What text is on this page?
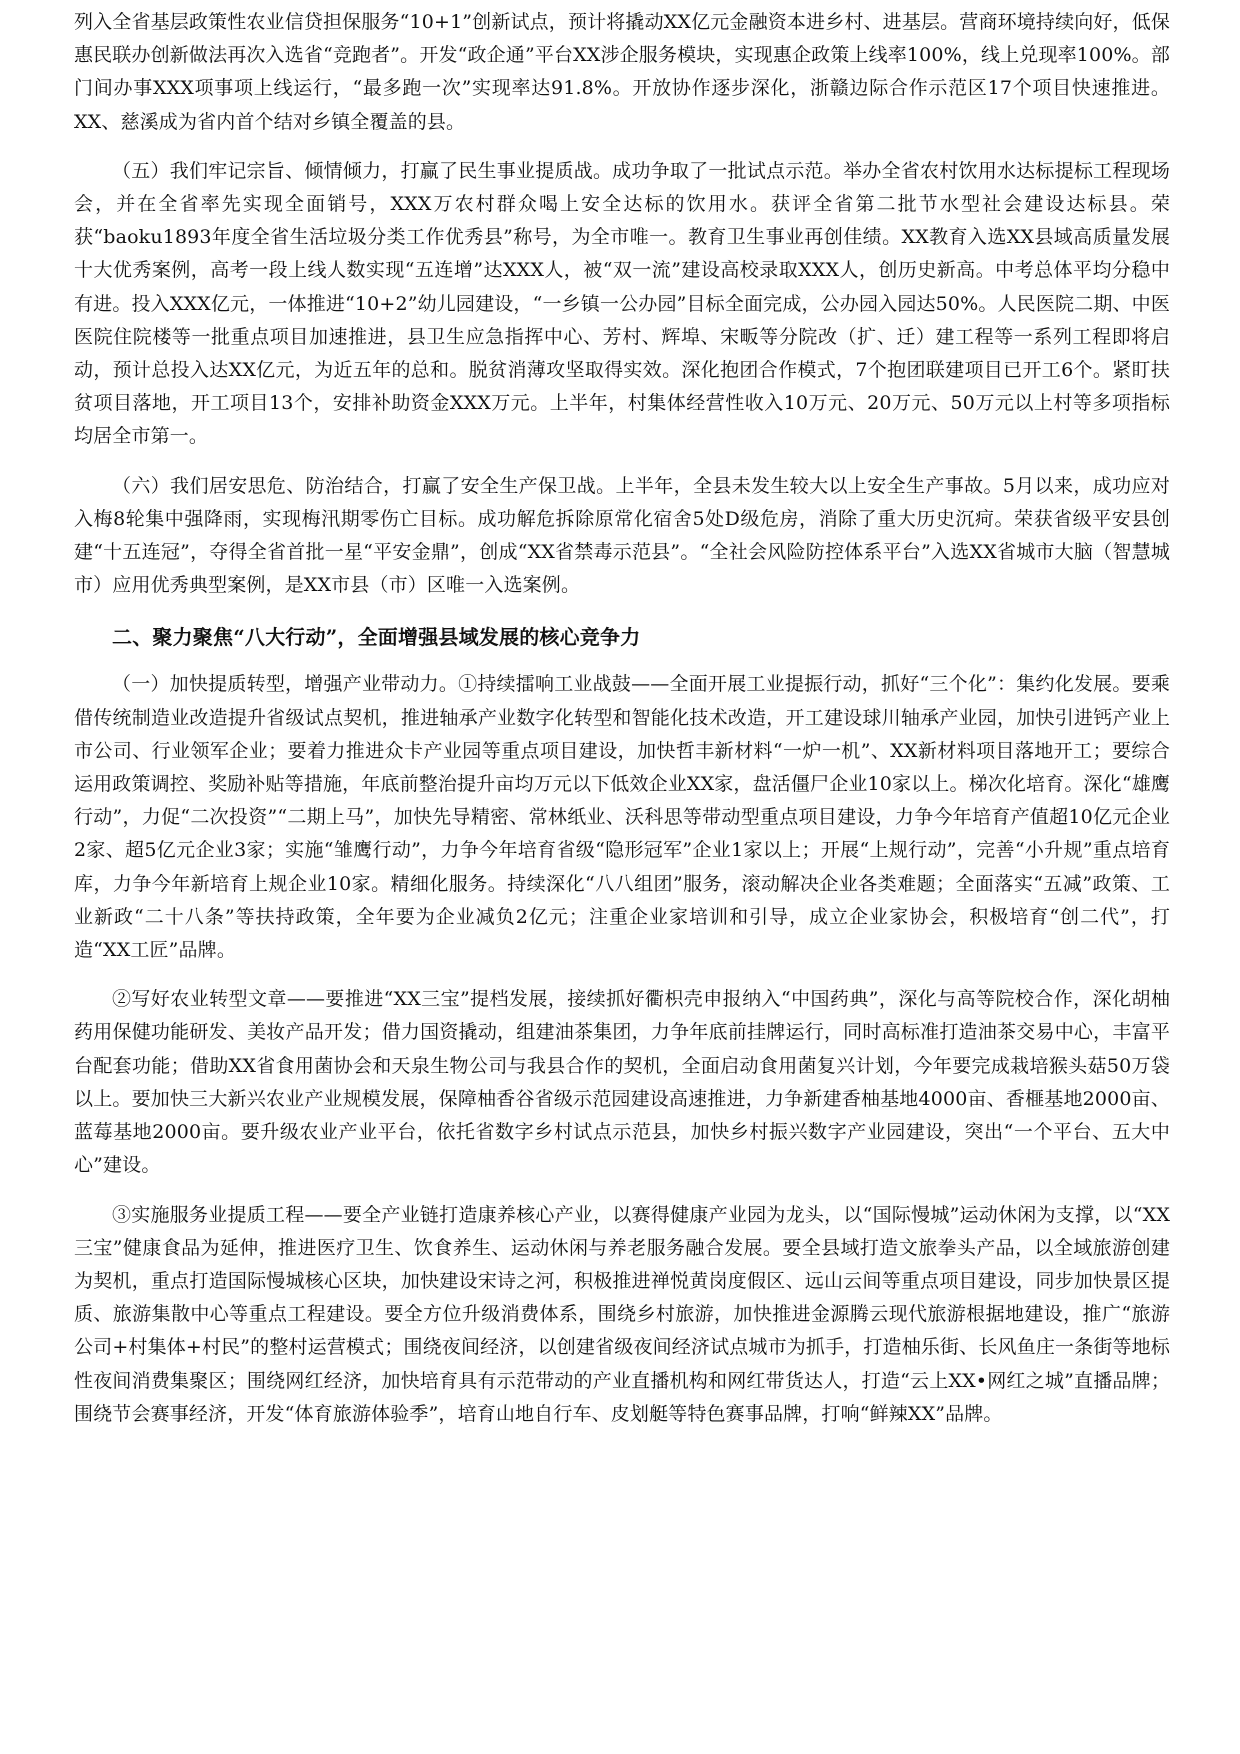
列入全省基层政策性农业信贷担保服务“10+1”创新试点，预计将撬动XX亿元金融资本进乡村、进基层。营商环境持续向好，低保惠民联办创新做法再次入选省“竞跑者”。开发“政企通”平台XX涉企服务模块，实现惠企政策上线率100%，线上兑现率100%。部门间办事XXX项事项上线运行，“最多跑一次”实现率达91.8%。开放协作逐步深化，浙赣边际合作示范区17个项目快速推进。XX、慈溪成为省内首个结对乡镇全覆盖的县。

（五）我们牢记宗旨、倾情倾力，打赢了民生事业提质战。成功争取了一批试点示范。举办全省农村饮用水达标提标工程现场会，并在全省率先实现全面销号，XXX万农村群众喝上安全达标的饮用水。获评全省第二批节水型社会建设达标县。荣获“baoku1893年度全省生活垃圾分类工作优秀县”称号，为全市唯一。教育卫生事业再创佳绩。XX教育入选XX县域高质量发展十大优秀案例，高考一段上线人数实现“五连增”达XXX人，被“双一流”建设高校录取XXX人，创历史新高。中考总体平均分稳中有进。投入XXX亿元，一体推进“10+2”幼儿园建设，“一乡镇一公办园”目标全面完成，公办园入园达50%。人民医院二期、中医医院住院楼等一批重点项目加速推进，县卫生应急指挥中心、芳村、辉埠、宋畈等分院改（扩、迁）建工程等一系列工程即将启动，预计总投入达XX亿元，为近五年的总和。脱贫消薄攻坚取得实效。深化抱团合作模式，7个抱团联建项目已开工6个。紧盯扶贫项目落地，开工项目13个，安排补助资金XXX万元。上半年，村集体经营性收入10万元、20万元、50万元以上村等多项指标均居全市第一。

（六）我们居安思危、防治结合，打赢了安全生产保卫战。上半年，全县未发生较大以上安全生产事故。5月以来，成功应对入梅8轮集中强降雨，实现梅汛期零伤亡目标。成功解危拆除原常化宿舍5处D级危房，消除了重大历史沉疴。荣获省级平安县创建“十五连冠”，夺得全省首批一星“平安金鼎”，创成“XX省禁毒示范县”。“全社会风险防控体系平台”入选XX省城市大脑（智慧城市）应用优秀典型案例，是XX市县（市）区唯一入选案例。

二、聚力聚焦“八大行动”，全面增强县域发展的核心竞争力

（一）加快提质转型，增强产业带动力。①持续擂响工业战鼓——全面开展工业提振行动，抓好“三个化”：集约化发展。要乘借传统制造业改造提升省级试点契机，推进轴承产业数字化转型和智能化技术改造，开工建设球川轴承产业园，加快引进钙产业上市公司、行业领军企业；要着力推进众卡产业园等重点项目建设，加快哲丰新材料“一炉一机”、XX新材料项目落地开工；要综合运用政策调控、奖励补贴等措施，年底前整治提升亩均万元以下低效企业XX家，盘活僵尸企业10家以上。梯次化培育。深化“雄鹰行动”，力促“二次投资”“二期上马”，加快先导精密、常林纸业、沃科思等带动型重点项目建设，力争今年培育产值超10亿元企业2家、超5亿元企业3家；实施“雏鹰行动”，力争今年培育省级“隐形冠军”企业1家以上；开展“上规行动”，完善“小升规”重点培育库，力争今年新培育上规企业10家。精细化服务。持续深化“八八组团”服务，滚动解决企业各类难题；全面落实“五减”政策、工业新政“二十八条”等扶持政策，全年要为企业减负2亿元；注重企业家培训和引导，成立企业家协会，积极培育“创二代”，打造“XX工匠”品牌。

②写好农业转型文章——要推进“XX三宝”提档发展，接续抓好衢枳壳申报纳入“中国药典”，深化与高等院校合作，深化胡柚药用保健功能研发、美妆产品开发；借力国资撬动，组建油茶集团，力争年底前挂牌运行，同时高标准打造油茶交易中心，丰富平台配套功能；借助XX省食用菌协会和天泉生物公司与我县合作的契机，全面启动食用菌复兴计划，今年要完成栽培猴头菇50万袋以上。要加快三大新兴农业产业规模发展，保障柚香谷省级示范园建设高速推进，力争新建香柚基地4000亩、香榧基地2000亩、蓝莓基地2000亩。要升级农业产业平台，依托省数字乡村试点示范县，加快乡村振兴数字产业园建设，突出“一个平台、五大中心”建设。

③实施服务业提质工程——要全产业链打造康养核心产业，以赛得健康产业园为龙头，以“国际慢城”运动休闲为支撑，以“XX三宝”健康食品为延伸，推进医疗卫生、饮食养生、运动休闲与养老服务融合发展。要全县域打造文旅拳头产品，以全域旅游创建为契机，重点打造国际慢城核心区块，加快建设宋诗之河，积极推进禅悦黄岗度假区、远山云间等重点项目建设，同步加快景区提质、旅游集散中心等重点工程建设。要全方位升级消费体系，围绕乡村旅游，加快推进金源腾云现代旅游根据地建设，推广“旅游公司+村集体+村民”的整村运营模式；围绕夜间经济，以创建省级夜间经济试点城市为抓手，打造柚乐街、长风鱼庄一条街等地标性夜间消费集聚区；围绕网红经济，加快培育具有示范带动的产业直播机构和网红带货达人，打造“云上XX•网红之城”直播品牌；围绕节会赛事经济，开发“体育旅游体验季”，培育山地自行车、皮划艇等特色赛事品牌，打响“鲜辣XX”品牌。
